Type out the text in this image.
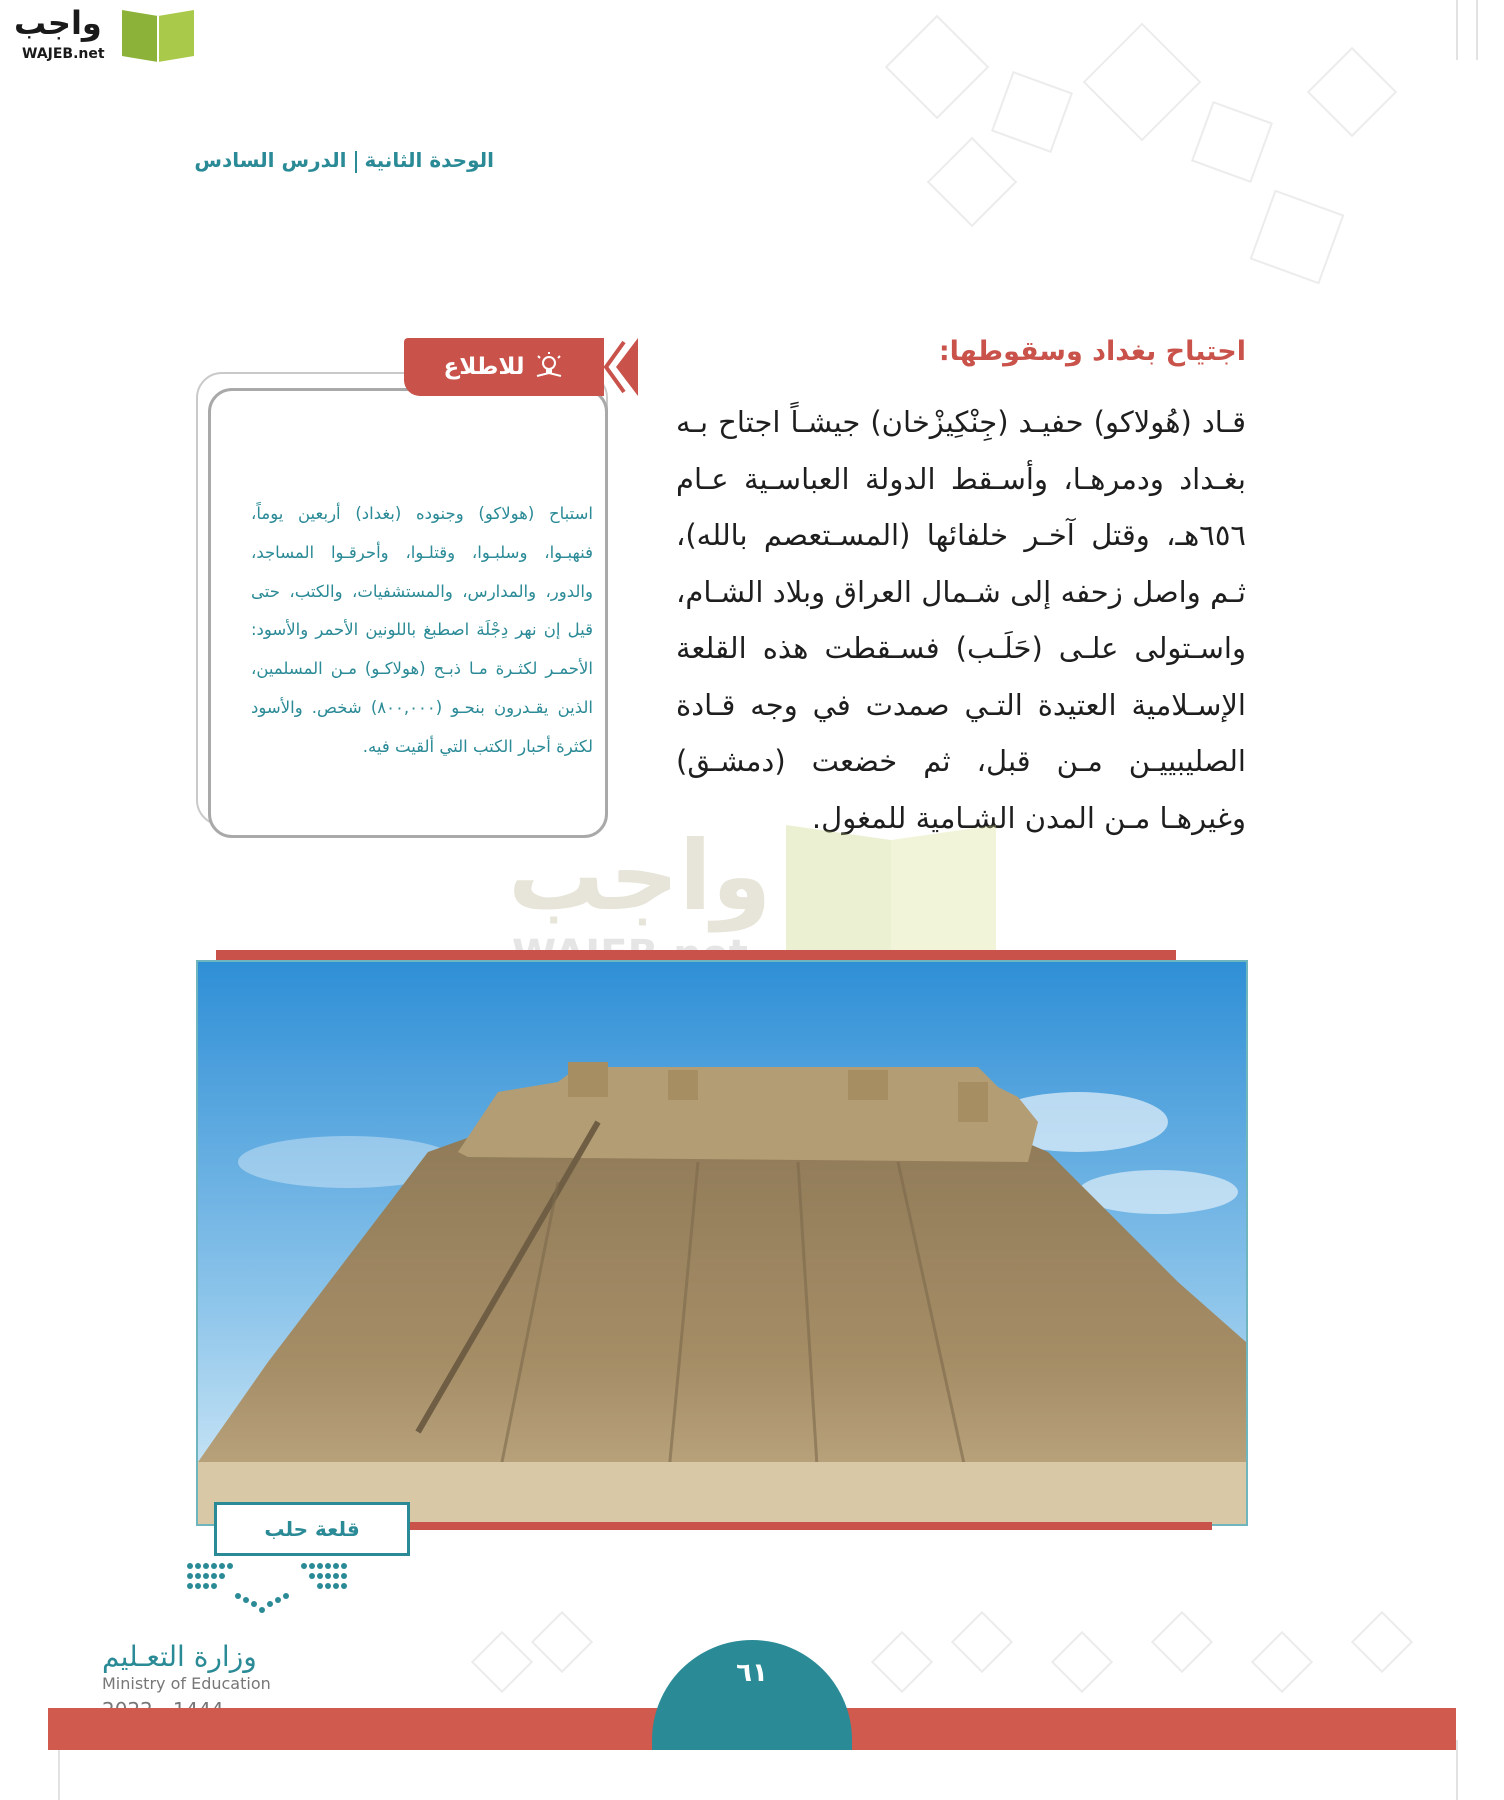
واجب
WAJEB.net
الوحدة الثانيةالدرس السادس
اجتياح بغداد وسقوطها:
قـاد (هُولاكو) حفيـد (جِنْكِيزْخان) جيشـاً اجتاح بـه بغـداد ودمرهـا، وأسـقط الدولة العباسـية عـام ٦٥٦هـ، وقتل آخـر خلفائها (المسـتعصم بالله)، ثـم واصل زحفه إلى شـمال العراق وبلاد الشـام، واسـتولى علـى (حَلَـب) فسـقطت هذه القلعة الإسـلامية العتيدة التـي صمدت في وجه قـادة الصليبييـن مـن قبل، ثم خضعت (دمشـق) وغيرهـا مـن المدن الشـامية للمغول.
استباح (هولاكو) وجنوده (بغداد) أربعين يوماً، فنهبـوا، وسلبـوا، وقتلـوا، وأحرقـوا المساجد، والدور، والمدارس، والمستشفيات، والكتب، حتى قيل إن نهر دِجْلَة اصطبغ باللونين الأحمر والأسود: الأحمـر لكثـرة مـا ذبـح (هولاكـو) مـن المسلمين، الذين يقـدرون بنحـو (٨٠٠,٠٠٠) شخص. والأسود لكثرة أحبار الكتب التي ألقيت فيه.
للاطلاع
واجب
قلعة حلب
وزارة التعـليم
Ministry of Education	٦١
